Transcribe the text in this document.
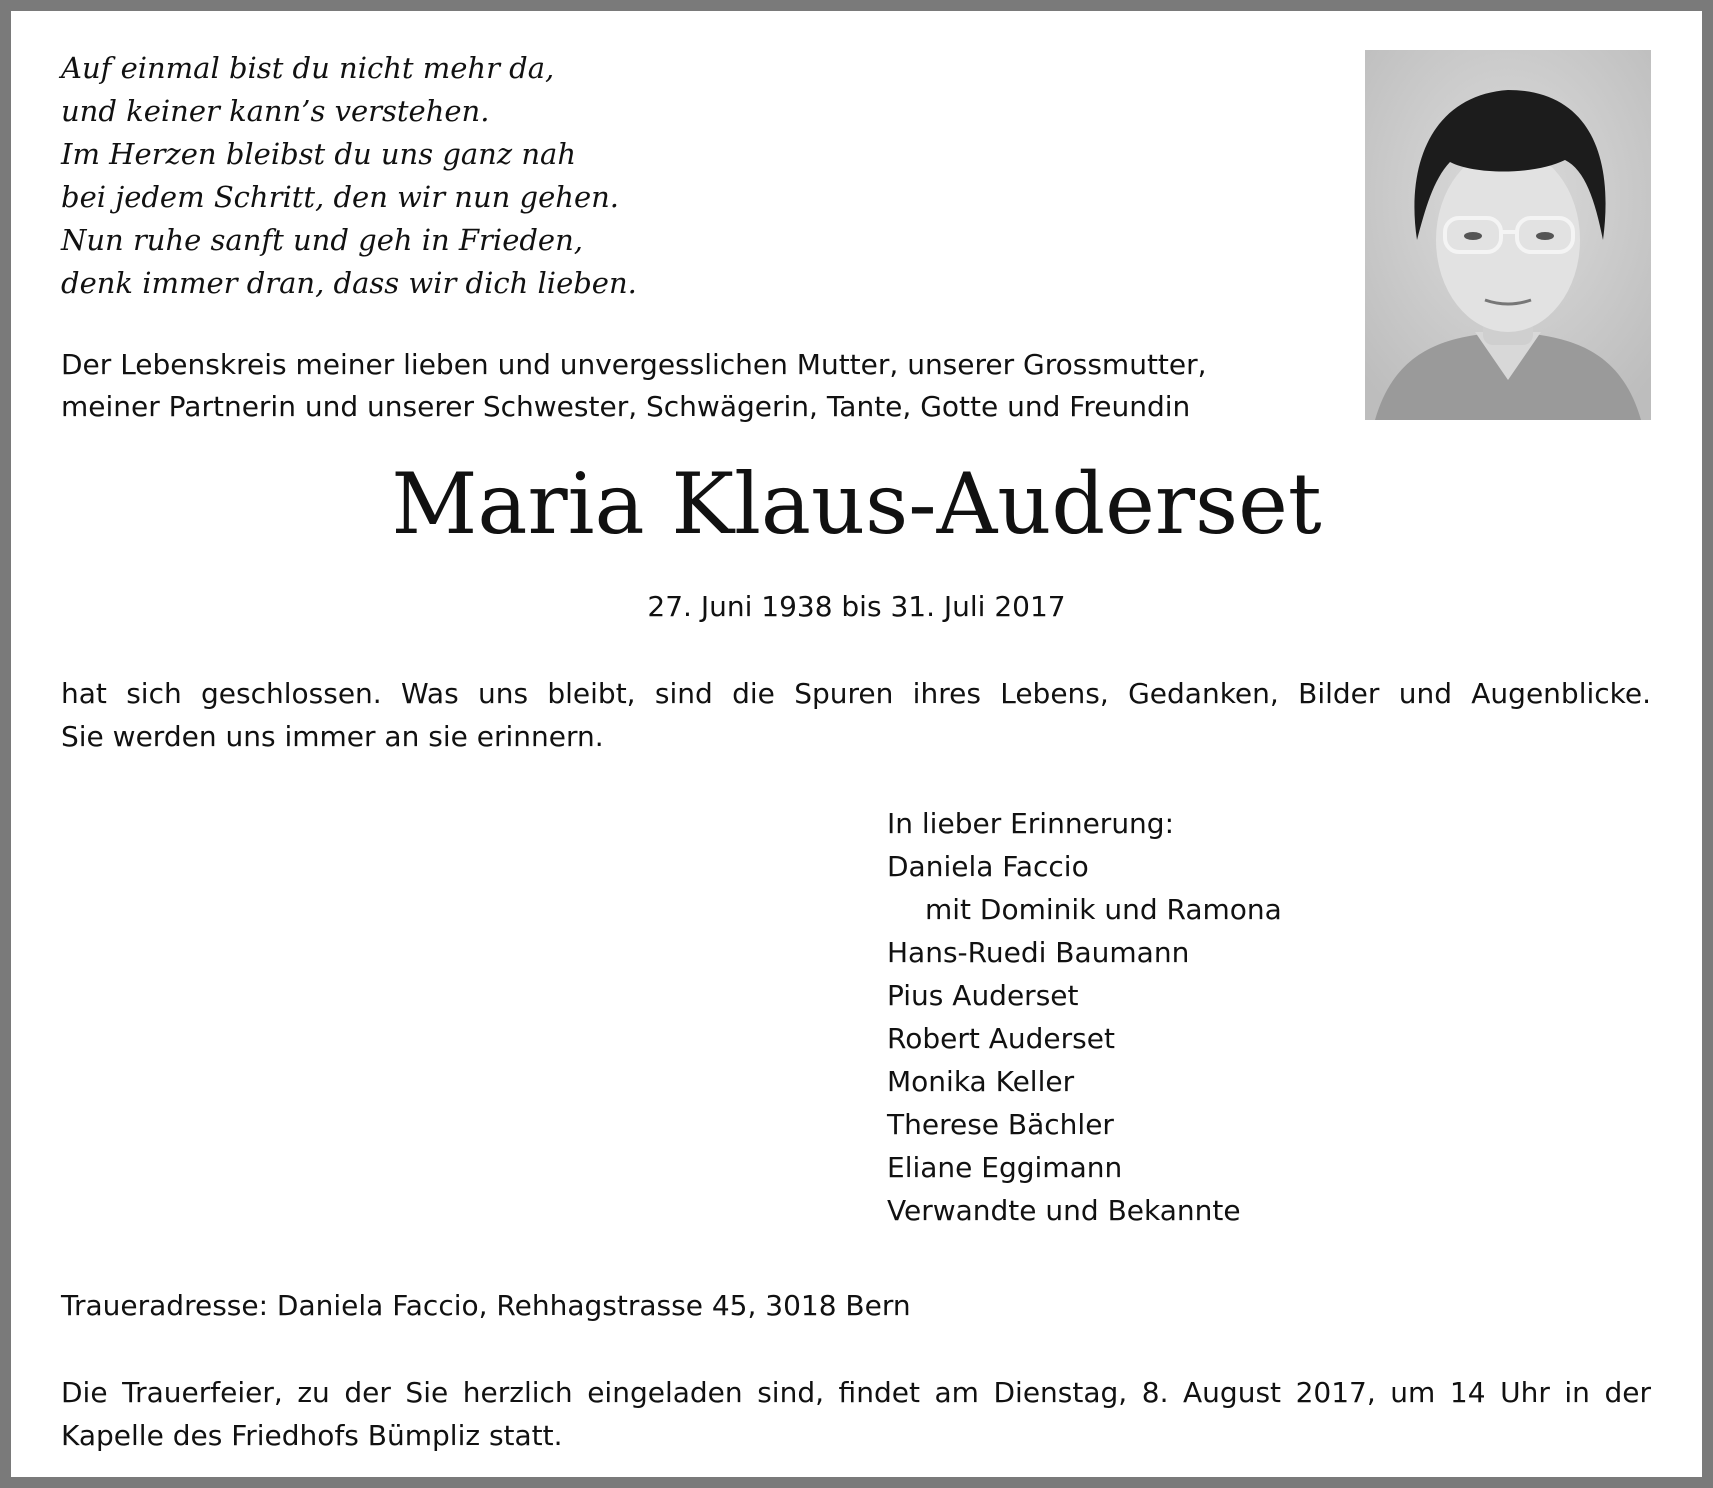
Auf einmal bist du nicht mehr da,
und keiner kann’s verstehen.
Im Herzen bleibst du uns ganz nah
bei jedem Schritt, den wir nun gehen.
Nun ruhe sanft und geh in Frieden,
denk immer dran, dass wir dich lieben.
Der Lebenskreis meiner lieben und unvergesslichen Mutter, unserer Grossmutter,
meiner Partnerin und unserer Schwester, Schwägerin, Tante, Gotte und Freundin
Maria Klaus-Auderset
27. Juni 1938 bis 31. Juli 2017
hat sich geschlossen. Was uns bleibt, sind die Spuren ihres Lebens, Gedanken, Bilder und Augenblicke.
Sie werden uns immer an sie erinnern.
In lieber Erinnerung:
Daniela Faccio
mit Dominik und Ramona
Hans-Ruedi Baumann
Pius Auderset
Robert Auderset
Monika Keller
Therese Bächler
Eliane Eggimann
Verwandte und Bekannte
Traueradresse: Daniela Faccio, Rehhagstrasse 45, 3018 Bern
Die Trauerfeier, zu der Sie herzlich eingeladen sind, findet am Dienstag, 8. August 2017, um 14 Uhr in der
Kapelle des Friedhofs Bümpliz statt.
